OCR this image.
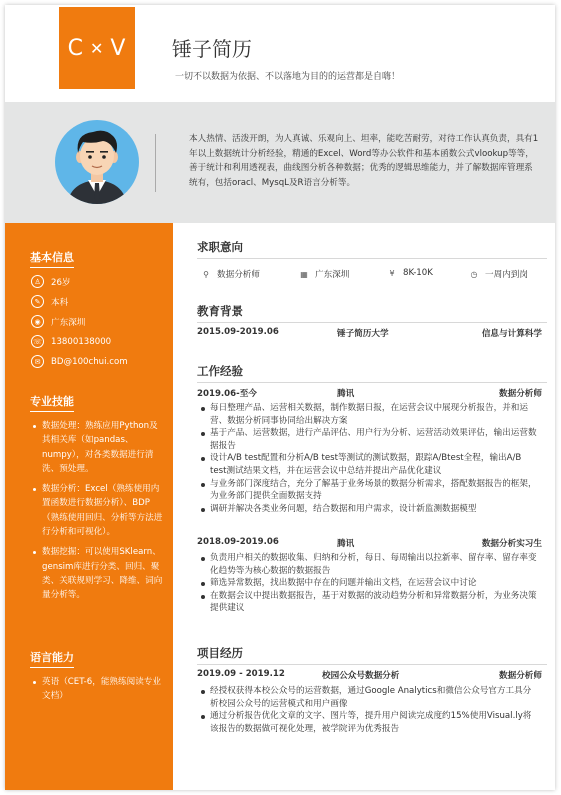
C ✕ V 锤子简历
一切不以数据为依据、不以落地为目的的运营都是自嗨！
本人热情、活泼开朗，为人真诚、乐观向上、坦率，能吃苦耐劳，对待工作认真负责，具有1年以上数据统计分析经验，精通的Excel、Word等办公软件和基本函数公式vlookup等等，善于统计和利用透视表，曲线图分析各种数据；优秀的逻辑思维能力，并了解数据库管理系统有，包括oracl、MysqL及R语言分析等。
基本信息
♙	26岁
✎	本科
◉	广东深圳
☏ 13800138000
✉	BD@100chui.com
专业技能
数据处理：熟练应用Python及其相关库（如pandas、numpy），对各类数据进行清洗、预处理。
数据分析：Excel（熟练使用内置函数进行数据分析）、BDP（熟练使用回归、分析等方法进行分析和可视化）。
数据挖掘：可以使用SKlearn、gensim库进行分类、回归、聚类、关联规则学习、降维、词向量分析等。
语言能力
英语（CET-6，能熟练阅读专业文档）
求职意向
⚲ 数据分析师	▦ 广东深圳	¥ 8K-10K	◷ 一周内到岗
教育背景
2015.09-2019.06	锤子简历大学	信息与计算科学
工作经验
2019.06-至今	腾讯	数据分析师
每日整理产品、运营相关数据，制作数据日报，在运营会议中展现分析报告，并和运营、数据分析同事协同给出解决方案
基于产品、运营数据，进行产品评估、用户行为分析、运营活动效果评估，输出运营数据报告
设计A/B test配置和分析A/B test等测试的测试数据，跟踪A/Btest全程，输出A/B test测试结果文档，并在运营会议中总结并提出产品优化建议
与业务部门深度结合，充分了解基于业务场景的数据分析需求，搭配数据报告的框架，为业务部门提供全面数据支持
调研并解决各类业务问题，结合数据和用户需求，设计新监测数据模型
2018.09-2019.06	腾讯	数据分析实习生
负责用户相关的数据收集、归纳和分析，每日、每周输出以拉新率、留存率、留存率变化趋势等为核心数据的数据报告
筛选异常数据，找出数据中存在的问题并输出文档，在运营会议中讨论
在数据会议中提出数据报告，基于对数据的波动趋势分析和异常数据分析，为业务决策提供建议
项目经历
2019.09 - 2019.12	校园公众号数据分析	数据分析师
经授权获得本校公众号的运营数据，通过Google Analytics和微信公众号官方工具分析校园公众号的运营模式和用户画像
通过分析报告优化文章的文字、图片等，提升用户阅读完成度约15%使用Visual.ly将该报告的数据做可视化处理，被学院评为优秀报告
